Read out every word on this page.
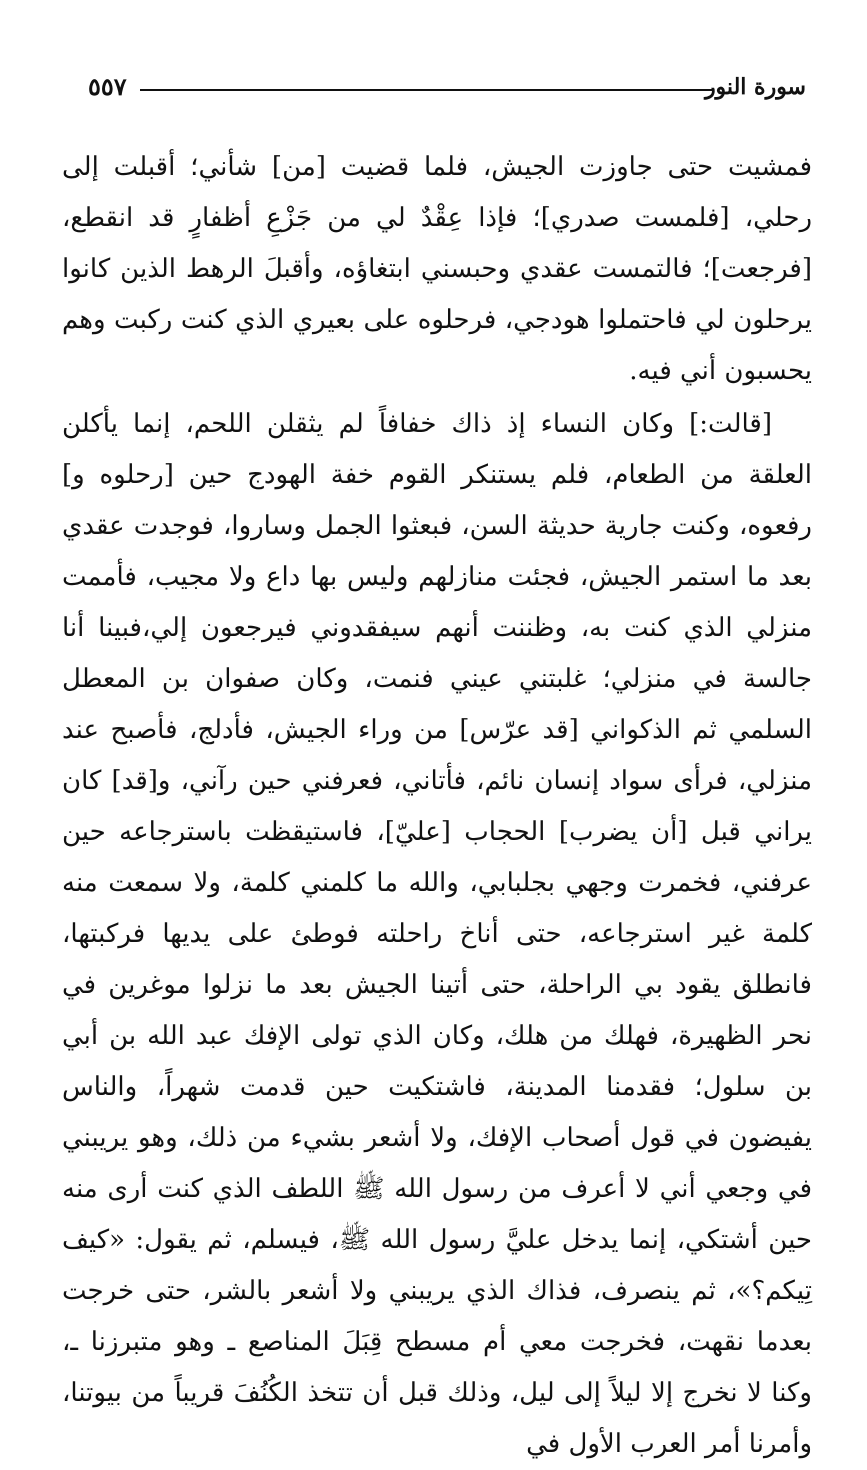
٥٥٧	سورة النور

فمشيت حتى جاوزت الجيش، فلما قضيت [من] شأني؛ أقبلت إلى رحلي، [فلمست صدري]؛ فإذا عِقْدٌ لي من جَزْعِ أظفارٍ قد انقطع، [فرجعت]؛ فالتمست عقدي وحبسني ابتغاؤه، وأقبلَ الرهط الذين كانوا يرحلون لي فاحتملوا هودجي، فرحلوه على بعيري الذي كنت ركبت وهم يحسبون أني فيه.

[قالت:] وكان النساء إذ ذاك خفافاً لم يثقلن اللحم، إنما يأكلن العلقة من الطعام، فلم يستنكر القوم خفة الهودج حين [رحلوه و] رفعوه، وكنت جارية حديثة السن، فبعثوا الجمل وساروا، فوجدت عقدي بعد ما استمر الجيش، فجئت منازلهم وليس بها داع ولا مجيب، فأممت منزلي الذي كنت به، وظننت أنهم سيفقدوني فيرجعون إلي،فبينا أنا جالسة في منزلي؛ غلبتني عيني فنمت، وكان صفوان بن المعطل السلمي ثم الذكواني [قد عرّس] من وراء الجيش، فأدلج، فأصبح عند منزلي، فرأى سواد إنسان نائم، فأتاني، فعرفني حين رآني، و[قد] كان يراني قبل [أن يضرب] الحجاب [عليّ]، فاستيقظت باسترجاعه حين عرفني، فخمرت وجهي بجلبابي، والله ما كلمني كلمة، ولا سمعت منه كلمة غير استرجاعه، حتى أناخ راحلته فوطئ على يديها فركبتها، فانطلق يقود بي الراحلة، حتى أتينا الجيش بعد ما نزلوا موغرين في نحر الظهيرة، فهلك من هلك، وكان الذي تولى الإفك عبد الله بن أبي بن سلول؛ فقدمنا المدينة، فاشتكيت حين قدمت شهراً، والناس يفيضون في قول أصحاب الإفك، ولا أشعر بشيء من ذلك، وهو يريبني في وجعي أني لا أعرف من رسول الله ﷺ اللطف الذي كنت أرى منه حين أشتكي، إنما يدخل عليَّ رسول الله ﷺ، فيسلم، ثم يقول: «كيف تِيكم؟»، ثم ينصرف، فذاك الذي يريبني ولا أشعر بالشر، حتى خرجت بعدما نقهت، فخرجت معي أم مسطح قِبَلَ المناصع ـ وهو متبرزنا ـ، وكنا لا نخرج إلا ليلاً إلى ليل، وذلك قبل أن تتخذ الكُنُفَ قريباً من بيوتنا، وأمرنا أمر العرب الأول في
